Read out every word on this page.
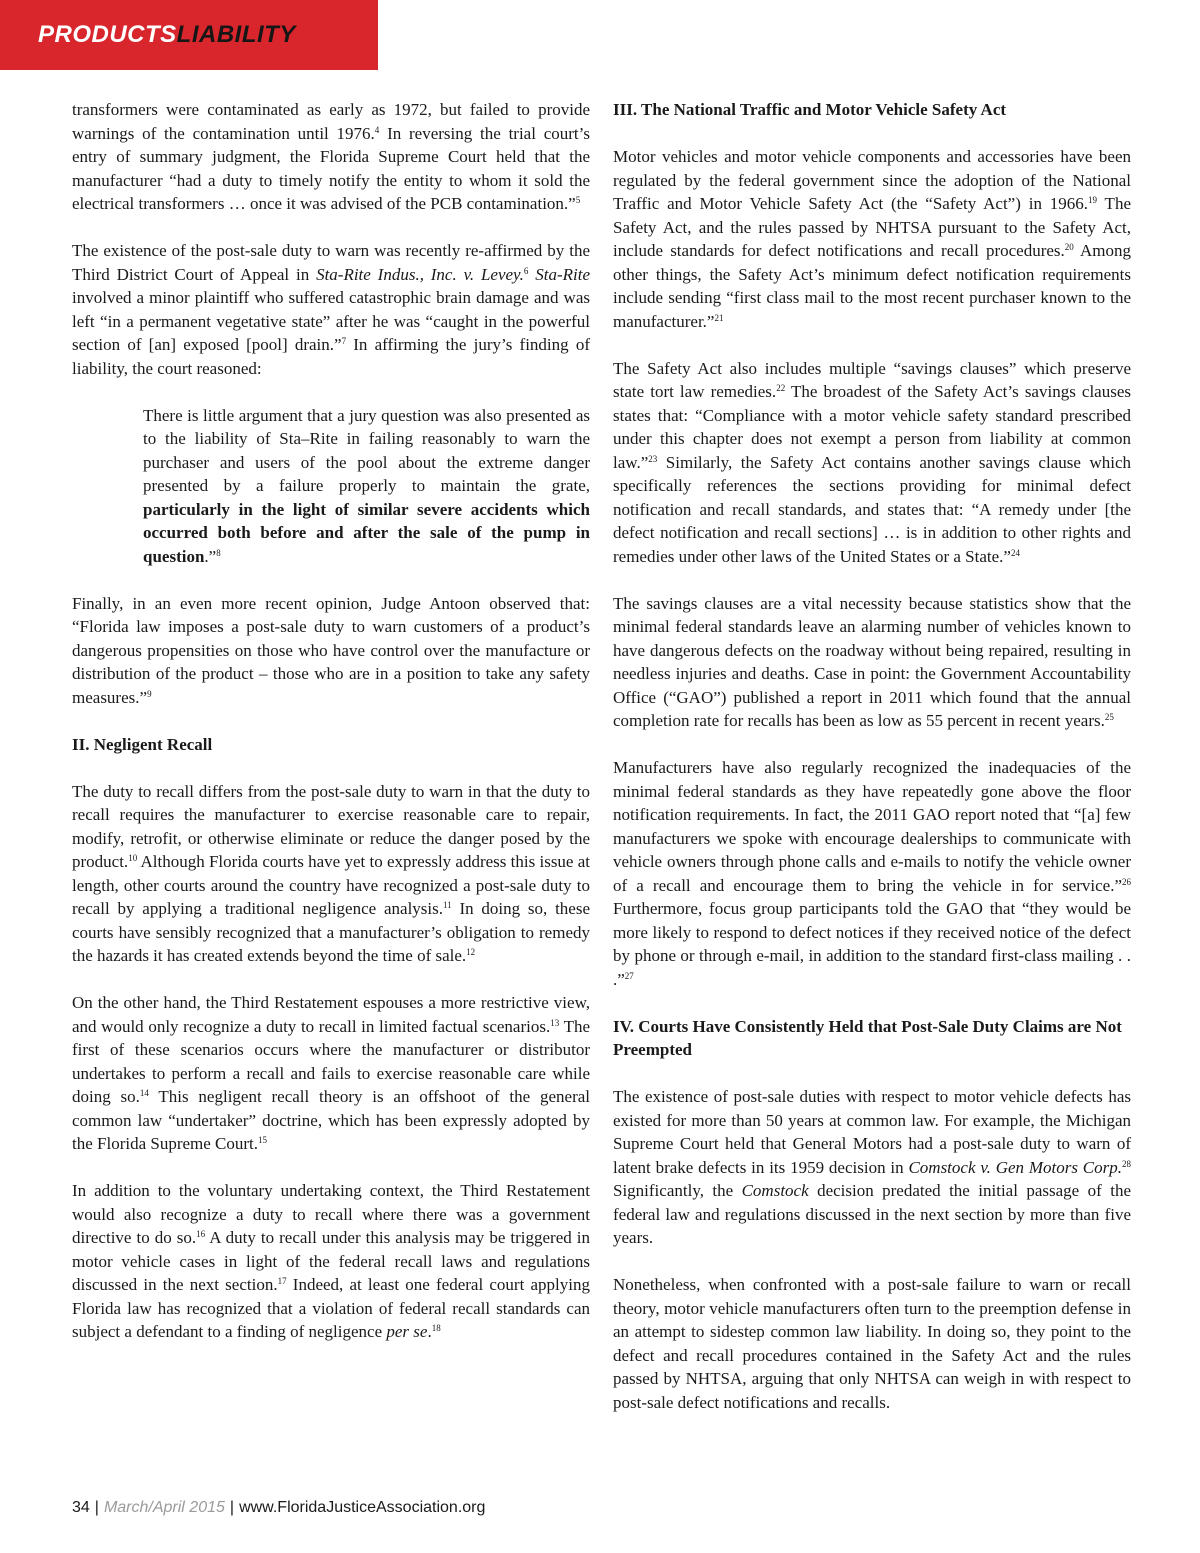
PRODUCTSLIABILITY

transformers were contaminated as early as 1972, but failed to provide warnings of the contamination until 1976.$^4$ In reversing the trial court’s entry of summary judgment, the Florida Supreme Court held that the manufacturer “had a duty to timely notify the entity to whom it sold the electrical transformers … once it was advised of the PCB contamination.”$^5$

The existence of the post-sale duty to warn was recently re-affirmed by the Third District Court of Appeal in Sta-Rite Indus., Inc. v. Levey.$^6$ Sta-Rite involved a minor plaintiff who suffered catastrophic brain damage and was left “in a permanent vegetative state” after he was “caught in the powerful section of [an] exposed [pool] drain.”$^7$ In affirming the jury’s finding of liability, the court reasoned:

There is little argument that a jury question was also presented as to the liability of Sta–Rite in failing reasonably to warn the purchaser and users of the pool about the extreme danger presented by a failure properly to maintain the grate, particularly in the light of similar severe accidents which occurred both before and after the sale of the pump in question.”$^8$

Finally, in an even more recent opinion, Judge Antoon observed that: “Florida law imposes a post-sale duty to warn customers of a product’s dangerous propensities on those who have control over the manufacture or distribution of the product – those who are in a position to take any safety measures.”$^9$

II. Negligent Recall

The duty to recall differs from the post-sale duty to warn in that the duty to recall requires the manufacturer to exercise reasonable care to repair, modify, retrofit, or otherwise eliminate or reduce the danger posed by the product.$^{10}$ Although Florida courts have yet to expressly address this issue at length, other courts around the country have recognized a post-sale duty to recall by applying a traditional negligence analysis.$^{11}$ In doing so, these courts have sensibly recognized that a manufacturer’s obligation to remedy the hazards it has created extends beyond the time of sale.$^{12}$

On the other hand, the Third Restatement espouses a more restrictive view, and would only recognize a duty to recall in limited factual scenarios.$^{13}$ The first of these scenarios occurs where the manufacturer or distributor undertakes to perform a recall and fails to exercise reasonable care while doing so.$^{14}$ This negligent recall theory is an offshoot of the general common law “undertaker” doctrine, which has been expressly adopted by the Florida Supreme Court.$^{15}$

In addition to the voluntary undertaking context, the Third Restatement would also recognize a duty to recall where there was a government directive to do so.$^{16}$ A duty to recall under this analysis may be triggered in motor vehicle cases in light of the federal recall laws and regulations discussed in the next section.$^{17}$ Indeed, at least one federal court applying Florida law has recognized that a violation of federal recall standards can subject a defendant to a finding of negligence per se.$^{18}$

III. The National Traffic and Motor Vehicle Safety Act

Motor vehicles and motor vehicle components and accessories have been regulated by the federal government since the adoption of the National Traffic and Motor Vehicle Safety Act (the “Safety Act”) in 1966.19 The Safety Act, and the rules passed by NHTSA pursuant to the Safety Act, include standards for defect notifications and recall procedures.$^{20}$ Among other things, the Safety Act’s minimum defect notification requirements include sending “first class mail to the most recent purchaser known to the manufacturer.”$^{21}$

The Safety Act also includes multiple “savings clauses” which preserve state tort law remedies.$^{22}$ The broadest of the Safety Act’s savings clauses states that: “Compliance with a motor vehicle safety standard prescribed under this chapter does not exempt a person from liability at common law.”$^{23}$ Similarly, the Safety Act contains another savings clause which specifically references the sections providing for minimal defect notification and recall standards, and states that: “A remedy under [the defect notification and recall sections] … is in addition to other rights and remedies under other laws of the United States or a State.”$^{24}$

The savings clauses are a vital necessity because statistics show that the minimal federal standards leave an alarming number of vehicles known to have dangerous defects on the roadway without being repaired, resulting in needless injuries and deaths. Case in point: the Government Accountability Office (“GAO”) published a report in 2011 which found that the annual completion rate for recalls has been as low as 55 percent in recent years.$^{25}$

Manufacturers have also regularly recognized the inadequacies of the minimal federal standards as they have repeatedly gone above the floor notification requirements. In fact, the 2011 GAO report noted that “[a] few manufacturers we spoke with encourage dealerships to communicate with vehicle owners through phone calls and e-mails to notify the vehicle owner of a recall and encourage them to bring the vehicle in for service.”$^{26}$ Furthermore, focus group participants told the GAO that “they would be more likely to respond to defect notices if they received notice of the defect by phone or through e-mail, in addition to the standard first-class mailing . . .”$^{27}$

IV. Courts Have Consistently Held that Post-Sale Duty Claims are Not Preempted

The existence of post-sale duties with respect to motor vehicle defects has existed for more than 50 years at common law. For example, the Michigan Supreme Court held that General Motors had a post-sale duty to warn of latent brake defects in its 1959 decision in Comstock v. Gen Motors Corp.$^{28}$ Significantly, the Comstock decision predated the initial passage of the federal law and regulations discussed in the next section by more than five years.

Nonetheless, when confronted with a post-sale failure to warn or recall theory, motor vehicle manufacturers often turn to the preemption defense in an attempt to sidestep common law liability. In doing so, they point to the defect and recall procedures contained in the Safety Act and the rules passed by NHTSA, arguing that only NHTSA can weigh in with respect to post-sale defect notifications and recalls.

34 | March/April 2015 | www.FloridaJusticeAssociation.org
